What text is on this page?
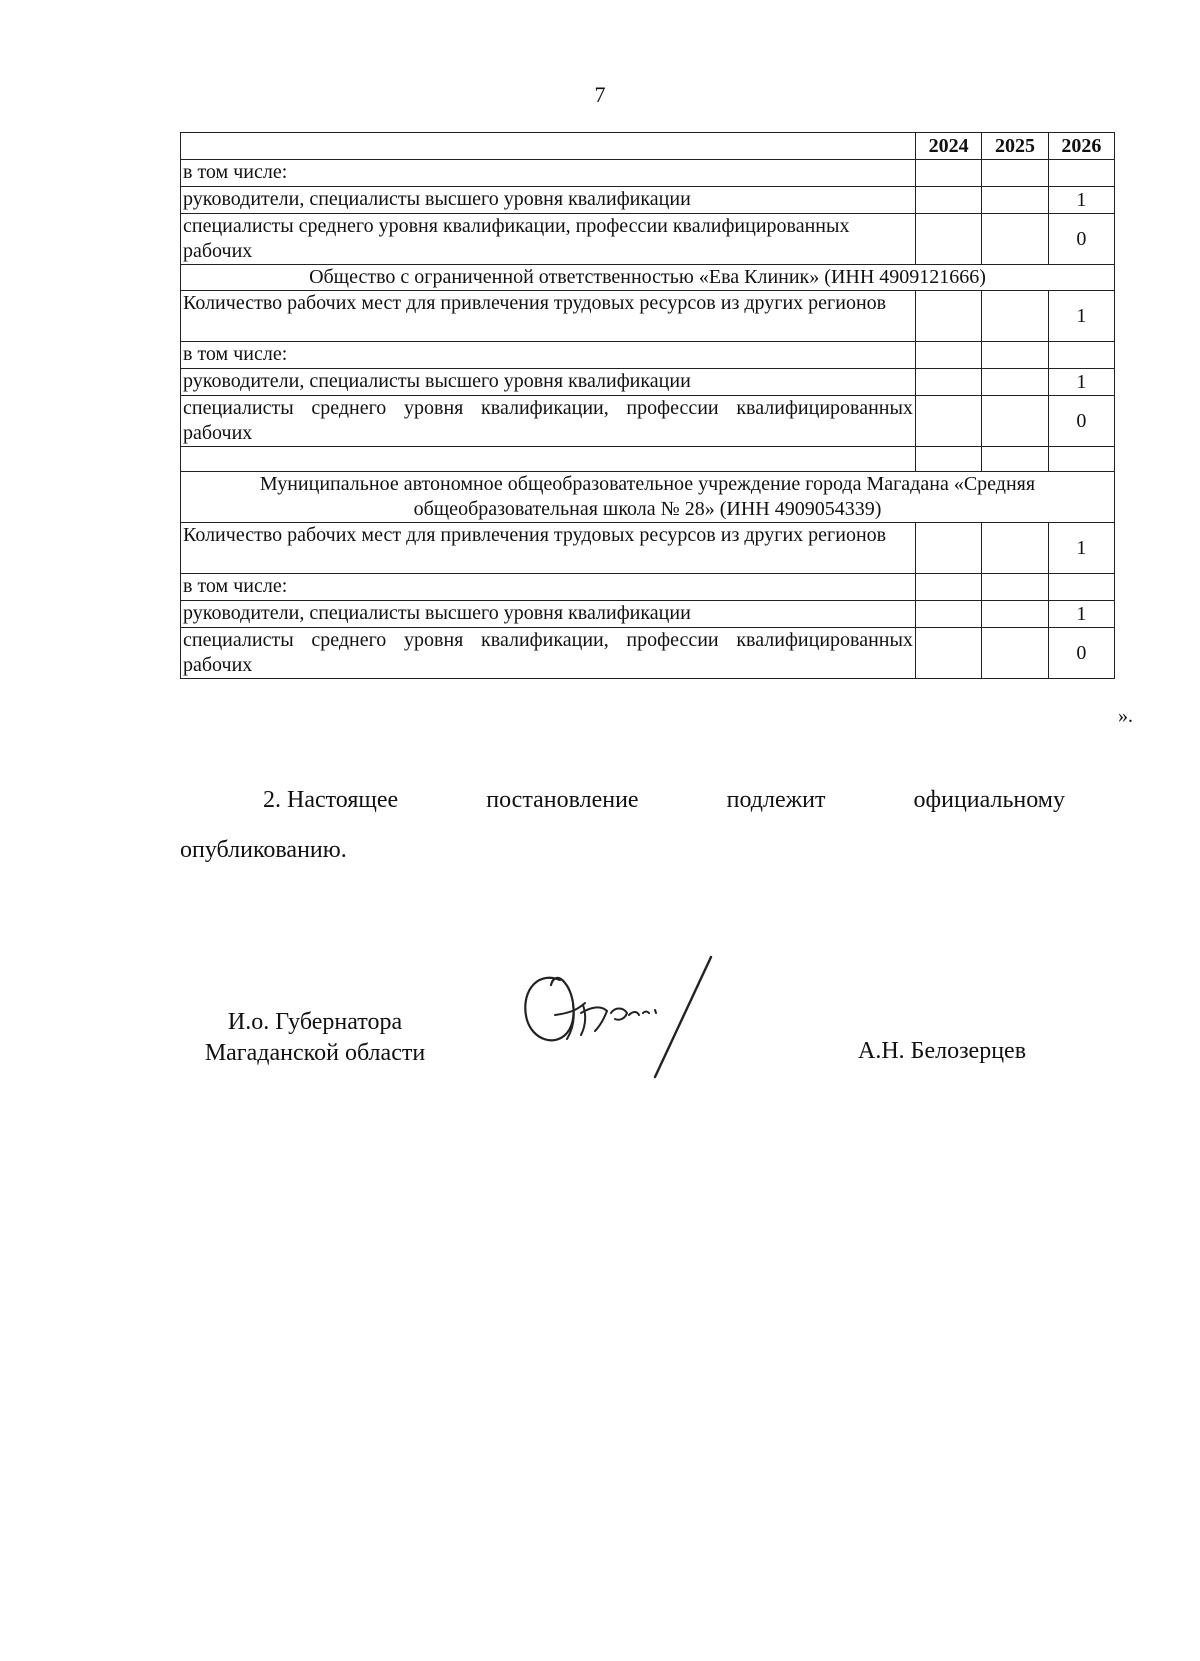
7
	2024	2025	2026
в том числе:			
руководители, специалисты высшего уровня квалификации			1
специалисты среднего уровня квалификации, профессии квалифицированных рабочих			0
Общество с ограниченной ответственностью «Ева Клиник» (ИНН 4909121666)			
Количество рабочих мест для привлечения трудовых ресурсов из других регионов			1
в том числе:			
руководители, специалисты высшего уровня квалификации			1
специалисты среднего уровня квалификации, профессии квалифицированных рабочих			0

Муниципальное автономное общеобразовательное учреждение города Магадана «Средняя общеобразовательная школа № 28» (ИНН 4909054339)			
Количество рабочих мест для привлечения трудовых ресурсов из других регионов			1
в том числе:			
руководители, специалисты высшего уровня квалификации			1
специалисты среднего уровня квалификации, профессии квалифицированных рабочих			0
».
2. Настоящее	постановление	подлежит	официальному
опубликованию.
И.о. Губернатора
Магаданской области	А.Н. Белозерцев
